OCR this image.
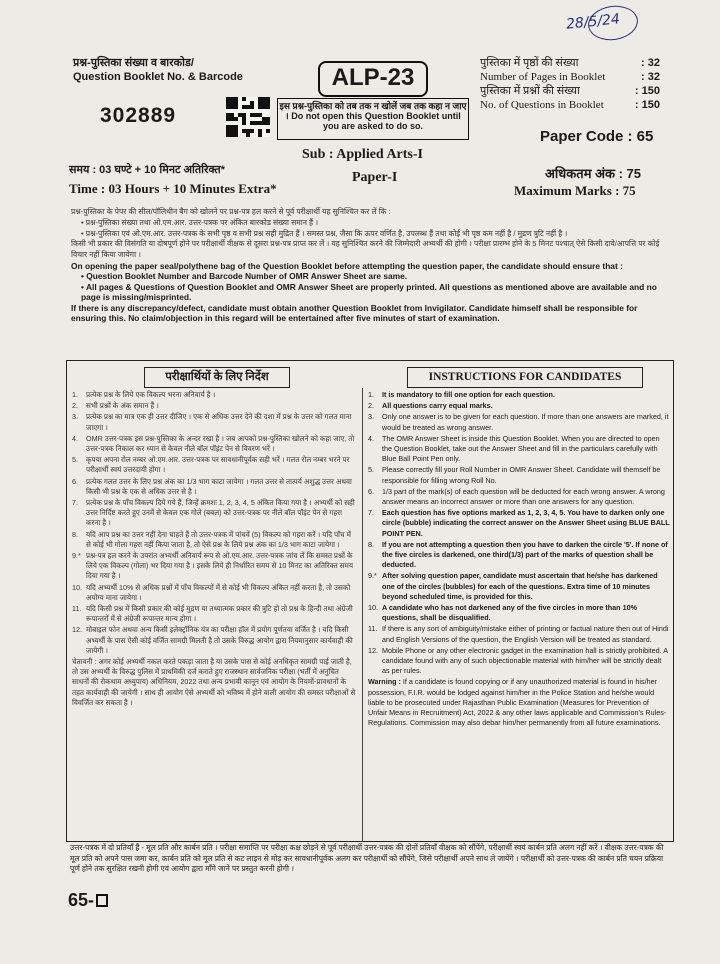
28/5/24
प्रश्न-पुस्तिका संख्या व बारकोड/
Question Booklet No. & Barcode
302889
ALP-23
इस प्रश्न-पुस्तिका को तब तक न खोलें जब तक कहा न जाए । Do not open this Question Booklet until you are asked to do so.
पुस्तिका में पृष्ठों की संख्या	: 32
Number of Pages in Booklet	: 32
पुस्तिका में प्रश्नों की संख्या	: 150
No. of Questions in Booklet	: 150
Paper Code : 65
Sub : Applied Arts-I
Paper-I
समय : 03 घण्टे + 10 मिनट अतिरिक्त*
Time : 03 Hours + 10 Minutes Extra*
अधिकतम अंक : 75
Maximum Marks : 75
प्रश्न-पुस्तिका के पेपर की सील/पॉलिथीन बैग को खोलने पर प्रश्न-पत्र हल करने से पूर्व परीक्षार्थी यह सुनिश्चित कर लें कि :
• प्रश्न-पुस्तिका संख्या तथा ओ.एम.आर. उत्तर-पत्रक पर अंकित बारकोड संख्या समान हैं ।
• प्रश्न-पुस्तिका एवं ओ.एम.आर. उत्तर-पत्रक के सभी पृष्ठ व सभी प्रश्न सही मुद्रित हैं । समस्त प्रश्न, जैसा कि ऊपर वर्णित है, उपलब्ध हैं तथा कोई भी पृष्ठ कम नहीं है / मुद्रण त्रुटि नहीं है ।
किसी भी प्रकार की विसंगति या दोषपूर्ण होने पर परीक्षार्थी वीक्षक से दूसरा प्रश्न-पत्र प्राप्त कर लें । यह सुनिश्चित करने की जिम्मेदारी अभ्यर्थी की होगी । परीक्षा प्रारम्भ होने के 5 मिनट पश्चात् ऐसे किसी दावे/आपत्ति पर कोई विचार नहीं किया जायेगा ।
On opening the paper seal/polythene bag of the Question Booklet before attempting the question paper, the candidate should ensure that :
• Question Booklet Number and Barcode Number of OMR Answer Sheet are same.
• All pages & Questions of Question Booklet and OMR Answer Sheet are properly printed. All questions as mentioned above are available and no page is missing/misprinted.
If there is any discrepancy/defect, candidate must obtain another Question Booklet from Invigilator. Candidate himself shall be responsible for ensuring this. No claim/objection in this regard will be entertained after five minutes of start of examination.
परीक्षार्थियों के लिए निर्देश	INSTRUCTIONS FOR CANDIDATES
1.	प्रत्येक प्रश्न के लिये एक विकल्प भरना अनिवार्य है ।
2.	सभी प्रश्नों के अंक समान हैं ।
3.	प्रत्येक प्रश्न का मात्र एक ही उत्तर दीजिए । एक से अधिक उत्तर देने की दशा में प्रश्न के उत्तर को गलत माना जाएगा ।
4.	OMR उत्तर-पत्रक इस प्रश्न-पुस्तिका के अन्दर रखा है । जब आपको प्रश्न-पुस्तिका खोलने को कहा जाए, तो उत्तर-पत्रक निकाल कर ध्यान से केवल नीले बॉल पॉइंट पेन से विवरण भरें ।
5.	कृपया अपना रोल नम्बर ओ.एम.आर. उत्तर-पत्रक पर सावधानीपूर्वक सही भरें । गलत रोल नम्बर भरने पर परीक्षार्थी स्वयं उत्तरदायी होगा ।
6.	प्रत्येक गलत उत्तर के लिए प्रश्न अंक का 1/3 भाग काटा जायेगा । गलत उत्तर से तात्पर्य अशुद्ध उत्तर अथवा किसी भी प्रश्न के एक से अधिक उत्तर से है ।
7.	प्रत्येक प्रश्न के पाँच विकल्प दिये गये हैं, जिन्हें क्रमशः 1, 2, 3, 4, 5 अंकित किया गया है । अभ्यर्थी को सही उत्तर निर्दिष्ट करते हुए उनमें से केवल एक गोले (बबल) को उत्तर-पत्रक पर नीले बॉल पॉइंट पेन से गहरा करना है ।
8.	यदि आप प्रश्न का उत्तर नहीं देना चाहते हैं तो उत्तर-पत्रक में पांचवें (5) विकल्प को गहरा करें । यदि पाँच में से कोई भी गोला गहरा नहीं किया जाता है, तो ऐसे प्रश्न के लिये प्रश्न अंक का 1/3 भाग काटा जायेगा ।
9.* प्रश्न-पत्र हल करने के उपरांत अभ्यर्थी अनिवार्य रूप से ओ.एम.आर. उत्तर-पत्रक जांच लें कि समस्त प्रश्नों के लिये एक विकल्प (गोला) भर दिया गया है । इसके लिये ही निर्धारित समय से 10 मिनट का अतिरिक्त समय दिया गया है ।
10. यदि अभ्यर्थी 10% से अधिक प्रश्नों में पाँच विकल्पों में से कोई भी विकल्प अंकित नहीं करता है, तो उसको अयोग्य माना जायेगा ।
11. यदि किसी प्रश्न में किसी प्रकार की कोई मुद्रण या तथ्यात्मक प्रकार की त्रुटि हो तो प्रश्न के हिन्दी तथा अंग्रेजी रूपान्तरों में से अंग्रेजी रूपान्तर मान्य होगा ।
12. मोबाइल फोन अथवा अन्य किसी इलेक्ट्रॉनिक यंत्र का परीक्षा हॉल में प्रयोग पूर्णतया वर्जित है । यदि किसी अभ्यर्थी के पास ऐसी कोई वर्जित सामग्री मिलती है तो उसके विरुद्ध आयोग द्वारा नियमानुसार कार्यवाही की जायेगी ।
चेतावनी : अगर कोई अभ्यर्थी नकल करते पकड़ा जाता है या उसके पास से कोई अनधिकृत सामग्री पाई जाती है, तो उस अभ्यर्थी के विरुद्ध पुलिस में प्राथमिकी दर्ज कराते हुए राजस्थान सार्वजनिक परीक्षा (भर्ती में अनुचित साधनों की रोकथाम अध्युपाय) अधिनियम, 2022 तथा अन्य प्रभावी कानून एवं आयोग के नियमों-प्रावधानों के तहत कार्यवाही की जायेगी । साथ ही आयोग ऐसे अभ्यर्थी को भविष्य में होने वाली आयोग की समस्त परीक्षाओं से विवर्जित कर सकता है ।
1.	It is mandatory to fill one option for each question.
2.	All questions carry equal marks.
3.	Only one answer is to be given for each question. If more than one answers are marked, it would be treated as wrong answer.
4.	The OMR Answer Sheet is inside this Question Booklet. When you are directed to open the Question Booklet, take out the Answer Sheet and fill in the particulars carefully with Blue Ball Point Pen only.
5.	Please correctly fill your Roll Number in OMR Answer Sheet. Candidate will themself be responsible for filling wrong Roll No.
6.	1/3 part of the mark(s) of each question will be deducted for each wrong answer. A wrong answer means an incorrect answer or more than one answers for any question.
7.	Each question has five options marked as 1, 2, 3, 4, 5. You have to darken only one circle (bubble) indicating the correct answer on the Answer Sheet using BLUE BALL POINT PEN.
8.	If you are not attempting a question then you have to darken the circle '5'. If none of the five circles is darkened, one third(1/3) part of the marks of question shall be deducted.
9.* After solving question paper, candidate must ascertain that he/she has darkened one of the circles (bubbles) for each of the questions. Extra time of 10 minutes beyond scheduled time, is provided for this.
10. A candidate who has not darkened any of the five circles in more than 10% questions, shall be disqualified.
11. If there is any sort of ambiguity/mistake either of printing or factual nature then out of Hindi and English Versions of the question, the English Version will be treated as standard.
12. Mobile Phone or any other electronic gadget in the examination hall is strictly prohibited. A candidate found with any of such objectionable material with him/her will be strictly dealt as per rules.
Warning : If a candidate is found copying or if any unauthorized material is found in his/her possession, F.I.R. would be lodged against him/her in the Police Station and he/she would liable to be prosecuted under Rajasthan Public Examination (Measures for Prevention of Unfair Means in Recruitment) Act, 2022 & any other laws applicable and Commission's Rules-Regulations. Commission may also debar him/her permanently from all future examinations.
उत्तर-पत्रक में दो प्रतियाँ हैं - मूल प्रति और कार्बन प्रति । परीक्षा समाप्ति पर परीक्षा कक्ष छोड़ने से पूर्व परीक्षार्थी उत्तर-पत्रक की दोनों प्रतियाँ वीक्षक को सौंपेंगे, परीक्षार्थी स्वयं कार्बन प्रति अलग नहीं करें । वीक्षक उत्तर-पत्रक की मूल प्रति को अपने पास जमा कर, कार्बन प्रति को मूल प्रति से कट लाइन से मोड़ कर सावधानीपूर्वक अलग कर परीक्षार्थी को सौंपेंगे, जिसे परीक्षार्थी अपने साथ ले जायेंगे । परीक्षार्थी को उत्तर-पत्रक की कार्बन प्रति चयन प्रक्रिया पूर्ण होने तक सुरक्षित रखनी होगी एवं आयोग द्वारा माँगे जाने पर प्रस्तुत करनी होगी ।
65-
